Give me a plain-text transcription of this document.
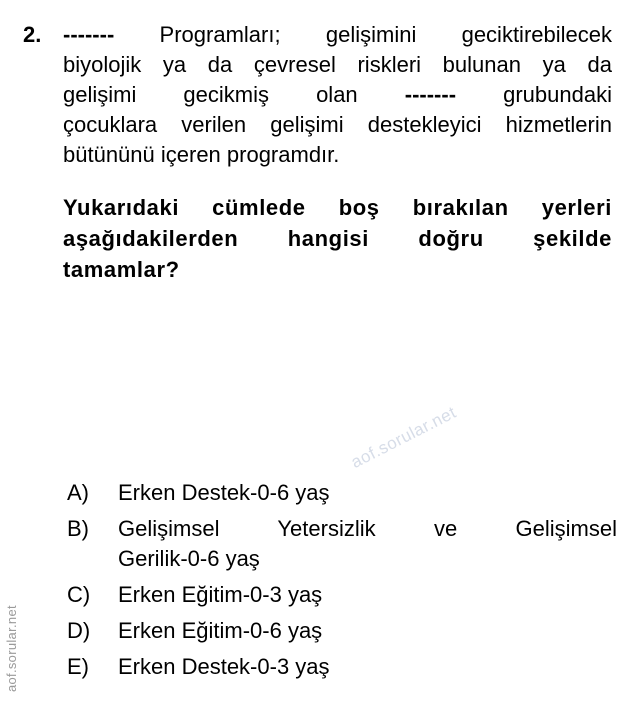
2. ------- Programları; gelişimini geciktirebilecek
biyolojik ya da çevresel riskleri bulunan ya da
gelişimi gecikmiş olan ------- grubundaki
çocuklara verilen gelişimi destekleyici hizmetlerin
bütününü içeren programdır.
Yukarıdaki cümlede boş bırakılan yerleri
aşağıdakilerden hangisi doğru şekilde
tamamlar?
aof.sorular.net
A)	Erken Destek-0-6 yaş
B)	Gelişimsel Yetersizlik ve Gelişimsel
Gerilik-0-6 yaş
C)	Erken Eğitim-0-3 yaş
D)	Erken Eğitim-0-6 yaş
E)	Erken Destek-0-3 yaş
aof.sorular.net
